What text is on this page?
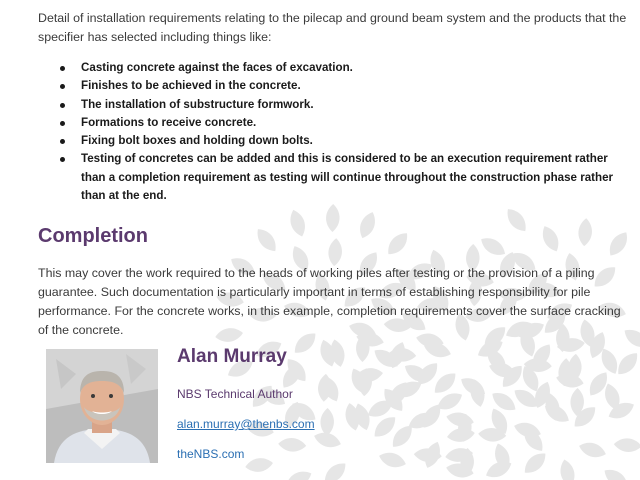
Detail of installation requirements relating to the pilecap and ground beam system and the products that the specifier has selected including things like:

Casting concrete against the faces of excavation.
Finishes to be achieved in the concrete.
The installation of substructure formwork.
Formations to receive concrete.
Fixing bolt boxes and holding down bolts.
Testing of concretes can be added and this is considered to be an execution requirement rather than a completion requirement as testing will continue throughout the construction phase rather than at the end.
Completion

This may cover the work required to the heads of working piles after testing or the provision of a piling guarantee. Such documentation is particularly important in terms of establishing responsibility for pile performance. For the concrete works, in this example, completion requirements cover the surface cracking of the concrete.

Alan Murray
NBS Technical Author
alan.murray@thenbs.com
theNBS.com
